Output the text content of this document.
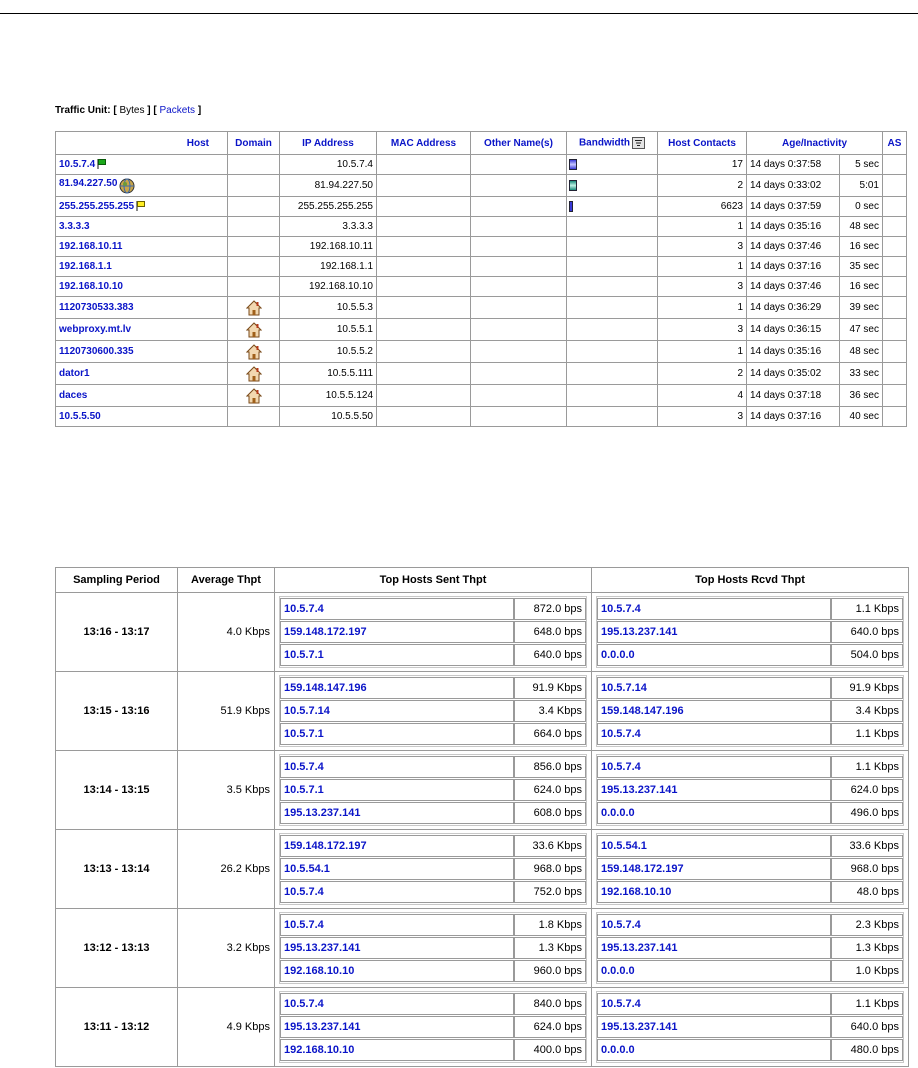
Traffic Unit: [ Bytes ] [ Packets ]
Host	Domain	IP Address	MAC Address	Other Name(s)	Bandwidth	Host Contacts	Age/Inactivity		AS
10.5.7.4		10.5.7.4				17	14 days 0:37:58	5 sec	
81.94.227.50		81.94.227.50				2	14 days 0:33:02	5:01	
255.255.255.255		255.255.255.255				6623	14 days 0:37:59	0 sec	
3.3.3.3		3.3.3.3				1	14 days 0:35:16	48 sec	
192.168.10.11		192.168.10.11				3	14 days 0:37:46	16 sec	
192.168.1.1		192.168.1.1				1	14 days 0:37:16	35 sec	
192.168.10.10		192.168.10.10				3	14 days 0:37:46	16 sec	
1120730533.383		10.5.5.3				1	14 days 0:36:29	39 sec	
webproxy.mt.lv		10.5.5.1				3	14 days 0:36:15	47 sec	
1120730600.335		10.5.5.2				1	14 days 0:35:16	48 sec	
dator1		10.5.5.111				2	14 days 0:35:02	33 sec	
daces		10.5.5.124				4	14 days 0:37:18	36 sec	
10.5.5.50		10.5.5.50				3	14 days 0:37:16	40 sec	
Sampling Period	Average Thpt	Top Hosts Sent Thpt	Top Hosts Rcvd Thpt
13:16 - 13:17	4.0 Kbps	
10.5.7.4	872.0 bps
159.148.172.197	648.0 bps
10.5.7.1	640.0 bps

10.5.7.4	1.1 Kbps
195.13.237.141	640.0 bps
0.0.0.0	504.0 bps

13:15 - 13:16	51.9 Kbps	
159.148.147.196	91.9 Kbps
10.5.7.14	3.4 Kbps
10.5.7.1	664.0 bps

10.5.7.14	91.9 Kbps
159.148.147.196	3.4 Kbps
10.5.7.4	1.1 Kbps

13:14 - 13:15	3.5 Kbps	
10.5.7.4	856.0 bps
10.5.7.1	624.0 bps
195.13.237.141	608.0 bps

10.5.7.4	1.1 Kbps
195.13.237.141	624.0 bps
0.0.0.0	496.0 bps

13:13 - 13:14	26.2 Kbps	
159.148.172.197	33.6 Kbps
10.5.54.1	968.0 bps
10.5.7.4	752.0 bps

10.5.54.1	33.6 Kbps
159.148.172.197	968.0 bps
192.168.10.10	48.0 bps

13:12 - 13:13	3.2 Kbps	
10.5.7.4	1.8 Kbps
195.13.237.141	1.3 Kbps
192.168.10.10	960.0 bps

10.5.7.4	2.3 Kbps
195.13.237.141	1.3 Kbps
0.0.0.0	1.0 Kbps

13:11 - 13:12	4.9 Kbps	
10.5.7.4	840.0 bps
195.13.237.141	624.0 bps
192.168.10.10	400.0 bps

10.5.7.4	1.1 Kbps
195.13.237.141	640.0 bps
0.0.0.0	480.0 bps
